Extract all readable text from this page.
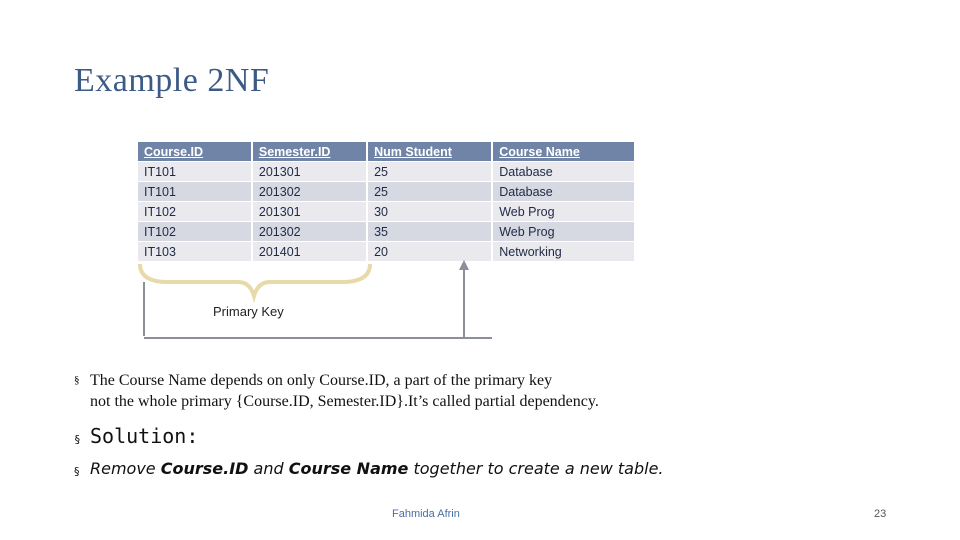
Example 2NF
Course.ID	Semester.ID	Num Student	Course Name
IT101	201301	25	Database
IT101	201302	25	Database
IT102	201301	30	Web Prog
IT102	201302	35	Web Prog
IT103	201401	20	Networking
Primary Key
§ The Course Name depends on only Course.ID, a part of the primary key
not the whole primary {Course.ID, Semester.ID}.It’s called partial dependency.
§ Solution:
§ Remove Course.ID and Course Name together to create a new table.
Fahmida Afrin	23
